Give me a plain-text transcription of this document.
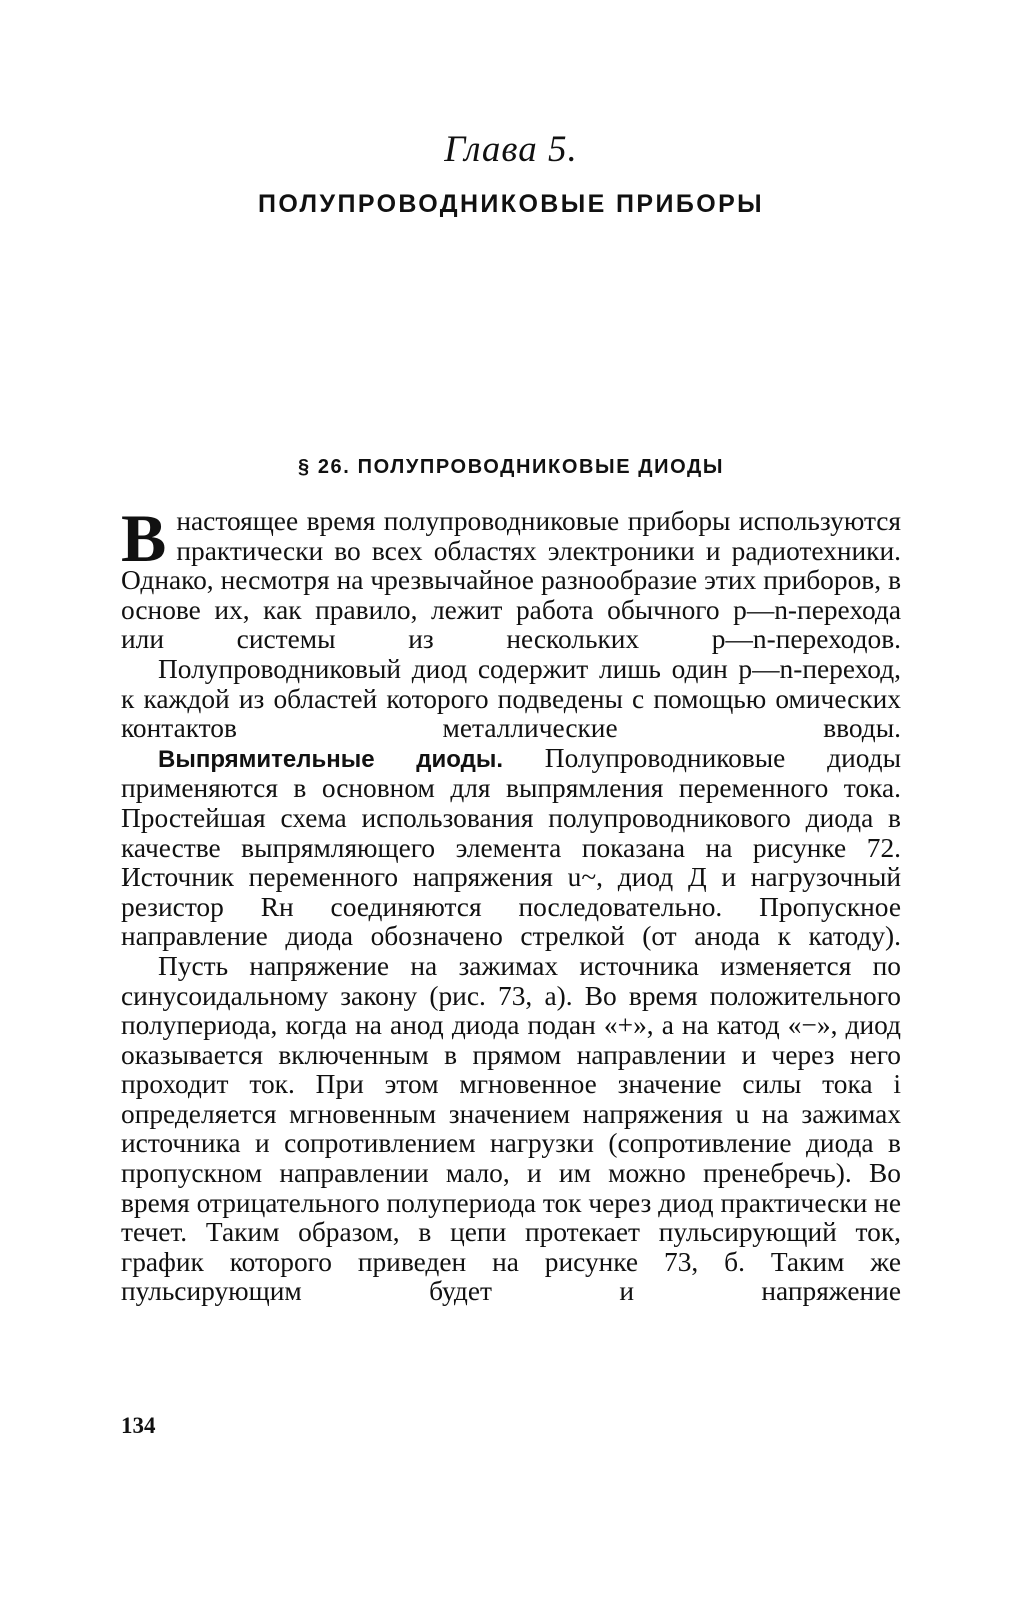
Глава 5.
ПОЛУПРОВОДНИКОВЫЕ ПРИБОРЫ
§ 26. ПОЛУПРОВОДНИКОВЫЕ ДИОДЫ

В настоящее время полупроводниковые приборы используются практически во всех областях электроники и радиотехники. Однако, несмотря на чрезвычайное разнообразие этих приборов, в основе их, как правило, лежит работа обычного p—n-перехода или системы из нескольких p—n-переходов.

Полупроводниковый диод содержит лишь один p—n-переход, к каждой из областей которого подведены с помощью омических контактов металлические вводы.

Выпрямительные диоды. Полупроводниковые диоды применяются в основном для выпрямления переменного тока. Простейшая схема использования полупроводникового диода в качестве выпрямляющего элемента показана на рисунке 72. Источник переменного напряжения u~, диод Д и нагрузочный резистор Rн соединяются последовательно. Пропускное направление диода обозначено стрелкой (от анода к катоду).

Пусть напряжение на зажимах источника изменяется по синусоидальному закону (рис. 73, а). Во время положительного полупериода, когда на анод диода подан «+», а на катод «−», диод оказывается включенным в прямом направлении и через него проходит ток. При этом мгновенное значение силы тока i определяется мгновенным значением напряжения u на зажимах источника и сопротивлением нагрузки (сопротивление диода в пропускном направлении мало, и им можно пренебречь). Во время отрицательного полупериода ток через диод практически не течет. Таким образом, в цепи протекает пульсирующий ток, график которого приведен на рисунке 73, б. Таким же пульсирующим будет и напряжение

134
